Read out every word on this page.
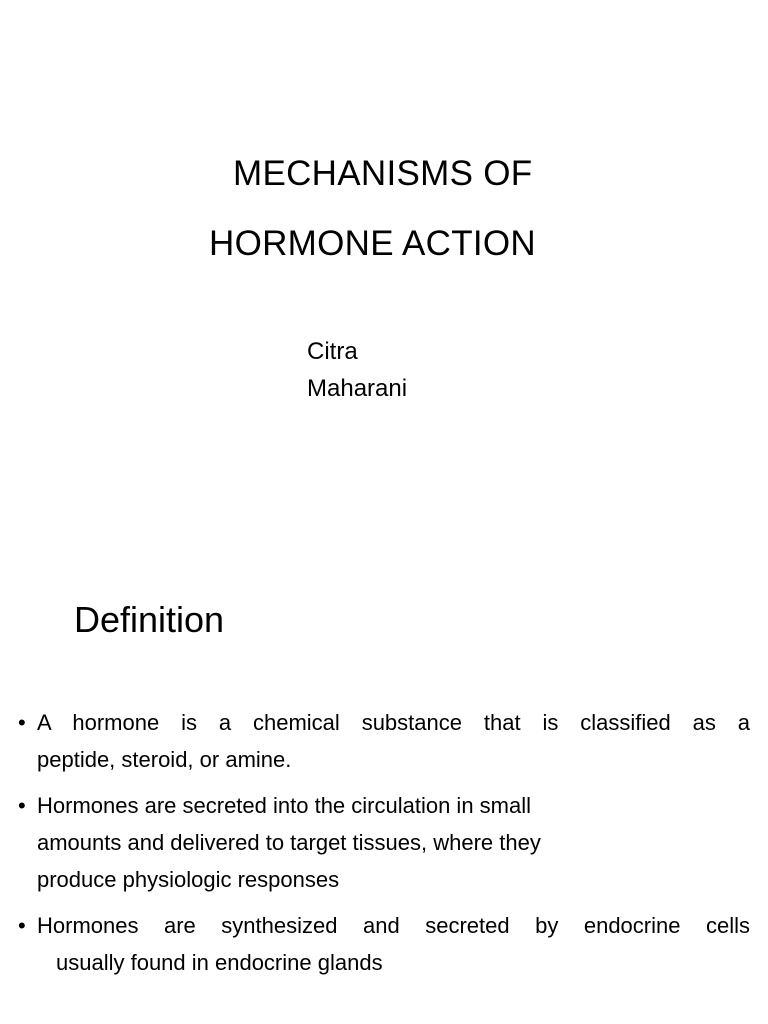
MECHANISMS OF
HORMONE ACTION
Citra
Maharani
Definition
• A hormone is a chemical substance that is classified as a
peptide, steroid, or amine.
• Hormones are secreted into the circulation in small
amounts and delivered to target tissues, where they
produce physiologic responses
• Hormones are synthesized and secreted by endocrine cells
usually found in endocrine glands
